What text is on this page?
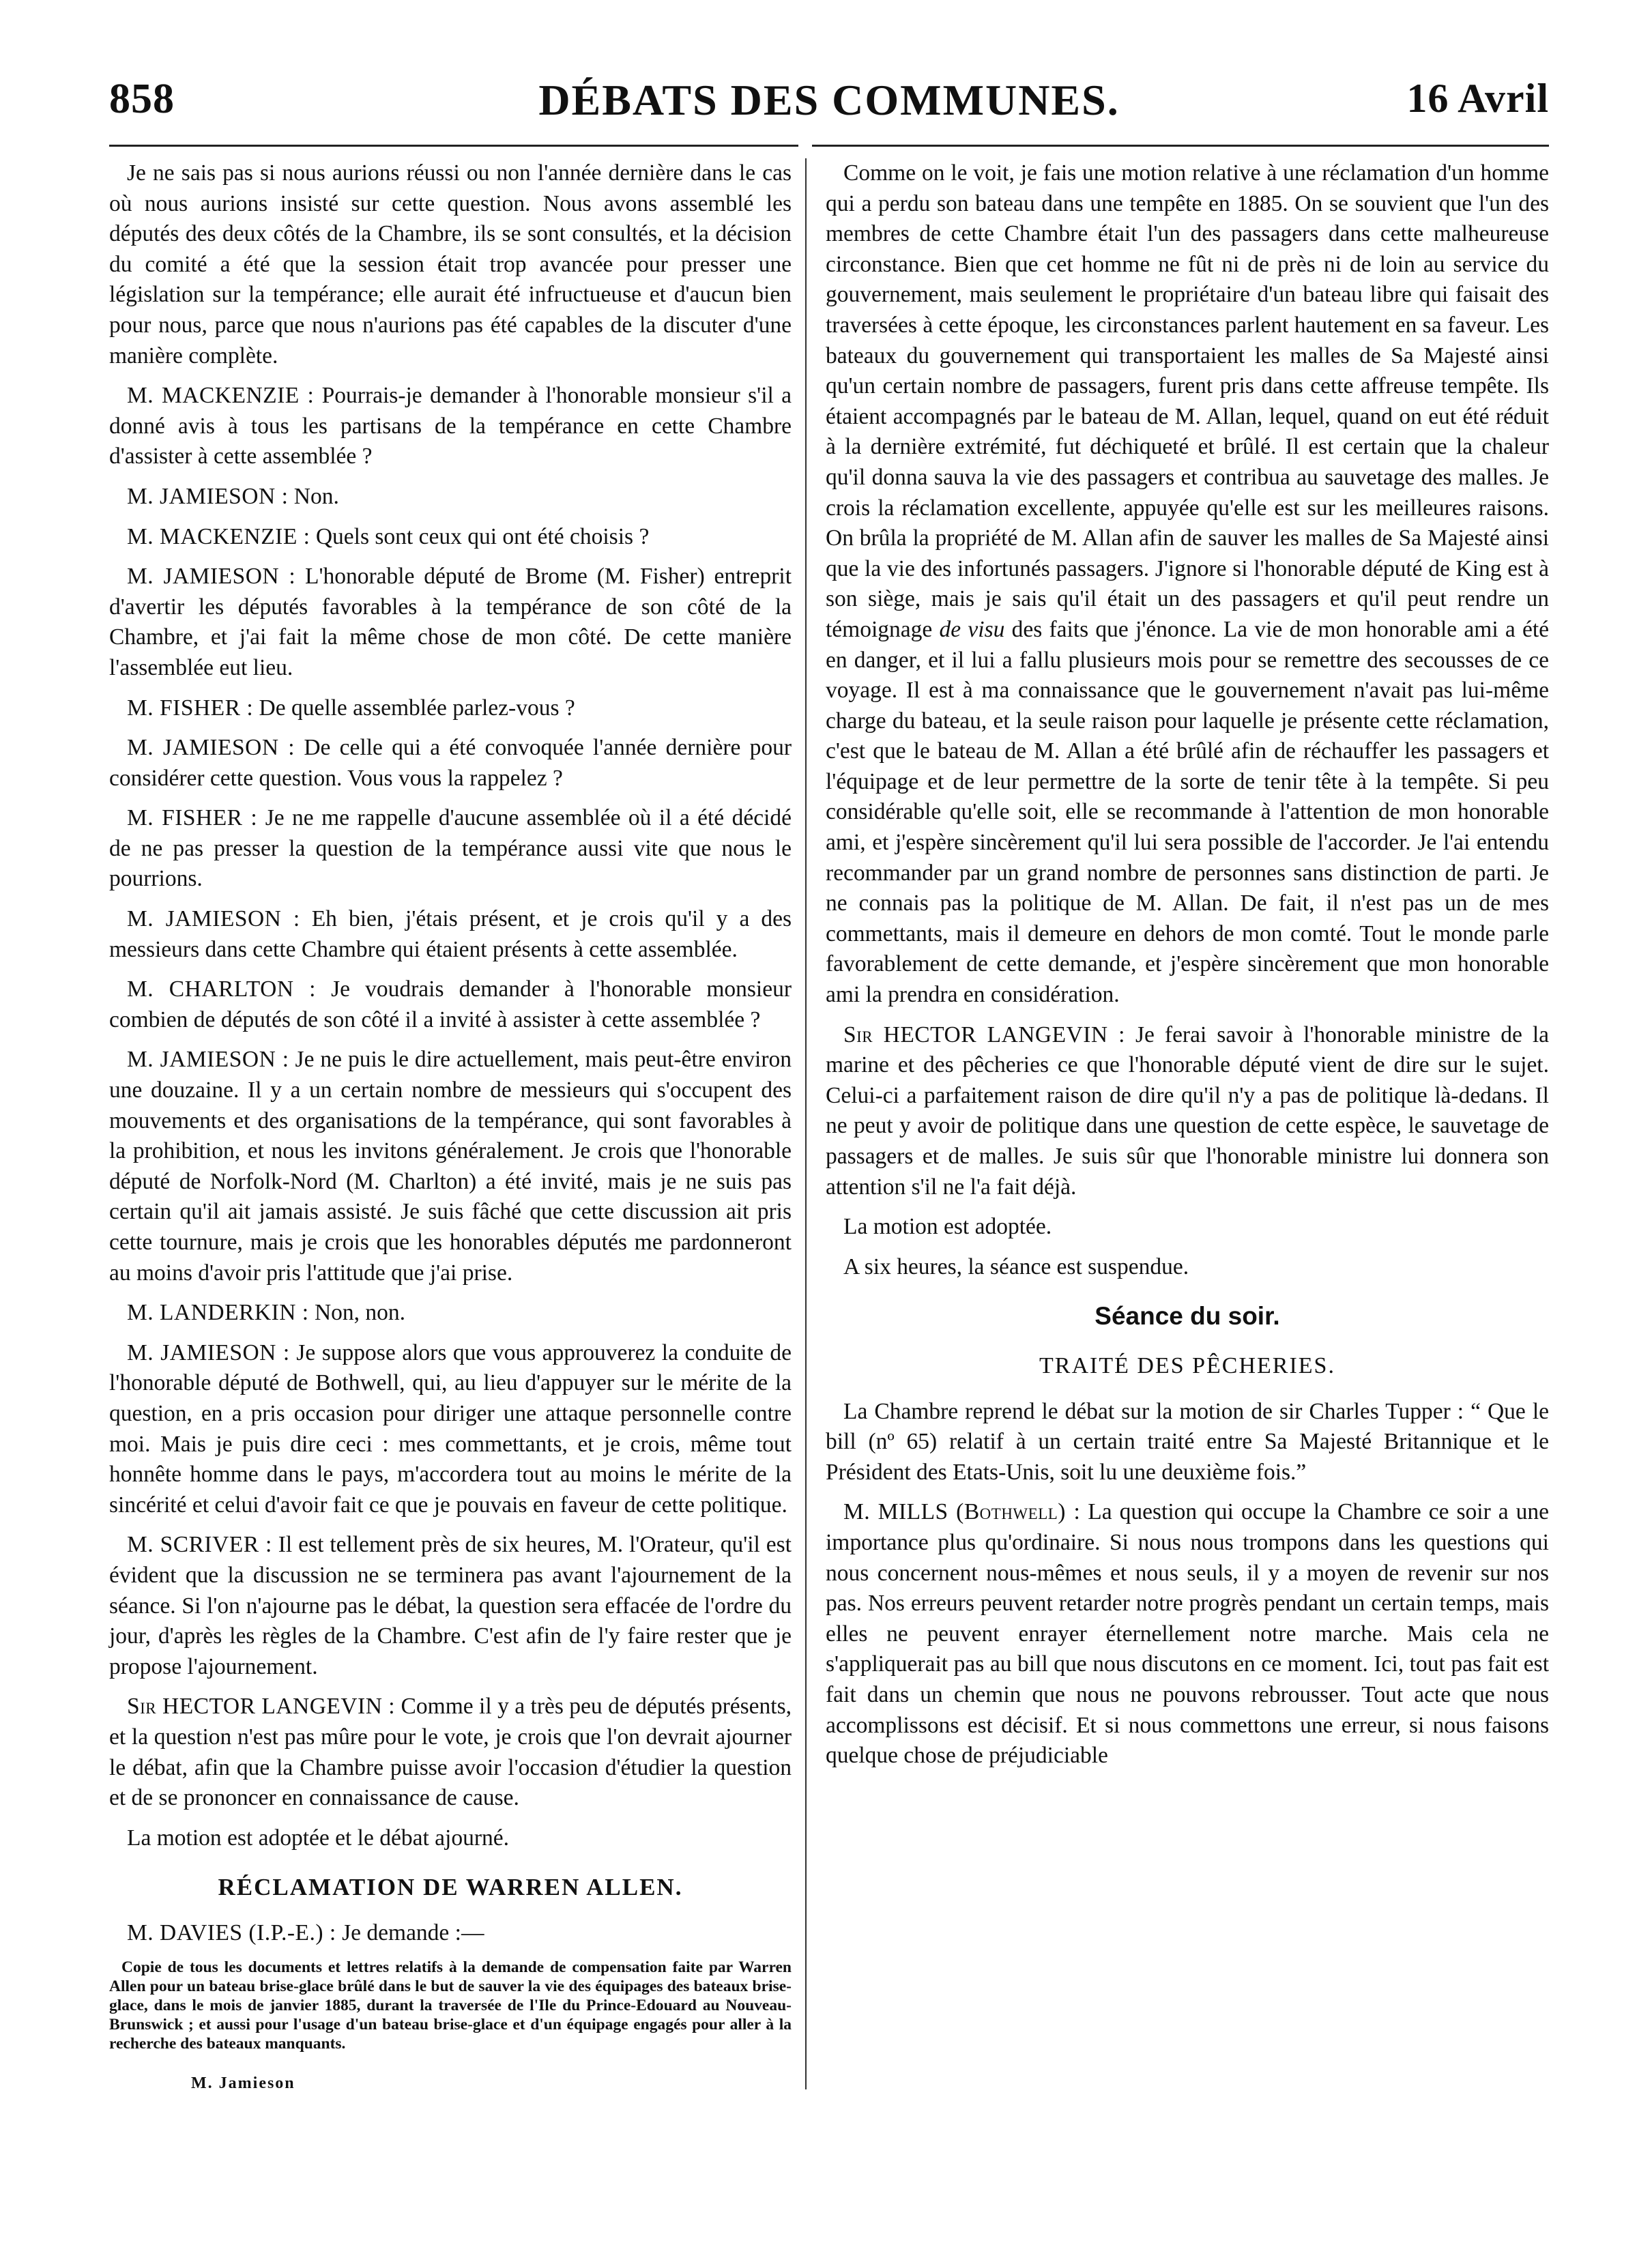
858	DÉBATS DES COMMUNES.	16 Avril

Je ne sais pas si nous aurions réussi ou non l'année dernière dans le cas où nous aurions insisté sur cette question. Nous avons assemblé les députés des deux côtés de la Chambre, ils se sont consultés, et la décision du comité a été que la session était trop avancée pour presser une législation sur la tempérance; elle aurait été infructueuse et d'aucun bien pour nous, parce que nous n'aurions pas été capables de la discuter d'une manière complète.

M. MACKENZIE : Pourrais-je demander à l'honorable monsieur s'il a donné avis à tous les partisans de la tempérance en cette Chambre d'assister à cette assemblée ?

M. JAMIESON : Non.

M. MACKENZIE : Quels sont ceux qui ont été choisis ?

M. JAMIESON : L'honorable député de Brome (M. Fisher) entreprit d'avertir les députés favorables à la tempérance de son côté de la Chambre, et j'ai fait la même chose de mon côté. De cette manière l'assemblée eut lieu.

M. FISHER : De quelle assemblée parlez-vous ?

M. JAMIESON : De celle qui a été convoquée l'année dernière pour considérer cette question. Vous vous la rappelez ?

M. FISHER : Je ne me rappelle d'aucune assemblée où il a été décidé de ne pas presser la question de la tempérance aussi vite que nous le pourrions.

M. JAMIESON : Eh bien, j'étais présent, et je crois qu'il y a des messieurs dans cette Chambre qui étaient présents à cette assemblée.

M. CHARLTON : Je voudrais demander à l'honorable monsieur combien de députés de son côté il a invité à assister à cette assemblée ?

M. JAMIESON : Je ne puis le dire actuellement, mais peut-être environ une douzaine. Il y a un certain nombre de messieurs qui s'occupent des mouvements et des organisations de la tempérance, qui sont favorables à la prohibition, et nous les invitons généralement. Je crois que l'honorable député de Norfolk-Nord (M. Charlton) a été invité, mais je ne suis pas certain qu'il ait jamais assisté. Je suis fâché que cette discussion ait pris cette tournure, mais je crois que les honorables députés me pardonneront au moins d'avoir pris l'attitude que j'ai prise.

M. LANDERKIN : Non, non.

M. JAMIESON : Je suppose alors que vous approuverez la conduite de l'honorable député de Bothwell, qui, au lieu d'appuyer sur le mérite de la question, en a pris occasion pour diriger une attaque personnelle contre moi. Mais je puis dire ceci : mes commettants, et je crois, même tout honnête homme dans le pays, m'accordera tout au moins le mérite de la sincérité et celui d'avoir fait ce que je pouvais en faveur de cette politique.

M. SCRIVER : Il est tellement près de six heures, M. l'Orateur, qu'il est évident que la discussion ne se terminera pas avant l'ajournement de la séance. Si l'on n'ajourne pas le débat, la question sera effacée de l'ordre du jour, d'après les règles de la Chambre. C'est afin de l'y faire rester que je propose l'ajournement.

Sir HECTOR LANGEVIN : Comme il y a très peu de députés présents, et la question n'est pas mûre pour le vote, je crois que l'on devrait ajourner le débat, afin que la Chambre puisse avoir l'occasion d'étudier la question et de se prononcer en connaissance de cause.

La motion est adoptée et le débat ajourné.

RÉCLAMATION DE WARREN ALLEN.

M. DAVIES (I.P.-E.) : Je demande :—

Copie de tous les documents et lettres relatifs à la demande de compensation faite par Warren Allen pour un bateau brise-glace brûlé dans le but de sauver la vie des équipages des bateaux brise-glace, dans le mois de janvier 1885, durant la traversée de l'Ile du Prince-Edouard au Nouveau-Brunswick ; et aussi pour l'usage d'un bateau brise-glace et d'un équipage engagés pour aller à la recherche des bateaux manquants.

M. Jamieson

Comme on le voit, je fais une motion relative à une réclamation d'un homme qui a perdu son bateau dans une tempête en 1885. On se souvient que l'un des membres de cette Chambre était l'un des passagers dans cette malheureuse circonstance. Bien que cet homme ne fût ni de près ni de loin au service du gouvernement, mais seulement le propriétaire d'un bateau libre qui faisait des traversées à cette époque, les circonstances parlent hautement en sa faveur. Les bateaux du gouvernement qui transportaient les malles de Sa Majesté ainsi qu'un certain nombre de passagers, furent pris dans cette affreuse tempête. Ils étaient accompagnés par le bateau de M. Allan, lequel, quand on eut été réduit à la dernière extrémité, fut déchiqueté et brûlé. Il est certain que la chaleur qu'il donna sauva la vie des passagers et contribua au sauvetage des malles. Je crois la réclamation excellente, appuyée qu'elle est sur les meilleures raisons. On brûla la propriété de M. Allan afin de sauver les malles de Sa Majesté ainsi que la vie des infortunés passagers. J'ignore si l'honorable député de King est à son siège, mais je sais qu'il était un des passagers et qu'il peut rendre un témoignage de visu des faits que j'énonce. La vie de mon honorable ami a été en danger, et il lui a fallu plusieurs mois pour se remettre des secousses de ce voyage. Il est à ma connaissance que le gouvernement n'avait pas lui-même charge du bateau, et la seule raison pour laquelle je présente cette réclamation, c'est que le bateau de M. Allan a été brûlé afin de réchauffer les passagers et l'équipage et de leur permettre de la sorte de tenir tête à la tempête. Si peu considérable qu'elle soit, elle se recommande à l'attention de mon honorable ami, et j'espère sincèrement qu'il lui sera possible de l'accorder. Je l'ai entendu recommander par un grand nombre de personnes sans distinction de parti. Je ne connais pas la politique de M. Allan. De fait, il n'est pas un de mes commettants, mais il demeure en dehors de mon comté. Tout le monde parle favorablement de cette demande, et j'espère sincèrement que mon honorable ami la prendra en considération.

Sir HECTOR LANGEVIN : Je ferai savoir à l'honorable ministre de la marine et des pêcheries ce que l'honorable député vient de dire sur le sujet. Celui-ci a parfaitement raison de dire qu'il n'y a pas de politique là-dedans. Il ne peut y avoir de politique dans une question de cette espèce, le sauvetage de passagers et de malles. Je suis sûr que l'honorable ministre lui donnera son attention s'il ne l'a fait déjà.

La motion est adoptée.

A six heures, la séance est suspendue.

Séance du soir.

TRAITÉ DES PÊCHERIES.

La Chambre reprend le débat sur la motion de sir Charles Tupper : “ Que le bill (nº 65) relatif à un certain traité entre Sa Majesté Britannique et le Président des Etats-Unis, soit lu une deuxième fois.”

M. MILLS (Bothwell) : La question qui occupe la Chambre ce soir a une importance plus qu'ordinaire. Si nous nous trompons dans les questions qui nous concernent nous-mêmes et nous seuls, il y a moyen de revenir sur nos pas. Nos erreurs peuvent retarder notre progrès pendant un certain temps, mais elles ne peuvent enrayer éternellement notre marche. Mais cela ne s'appliquerait pas au bill que nous discutons en ce moment. Ici, tout pas fait est fait dans un chemin que nous ne pouvons rebrousser. Tout acte que nous accomplissons est décisif. Et si nous commettons une erreur, si nous faisons quelque chose de préjudiciable
